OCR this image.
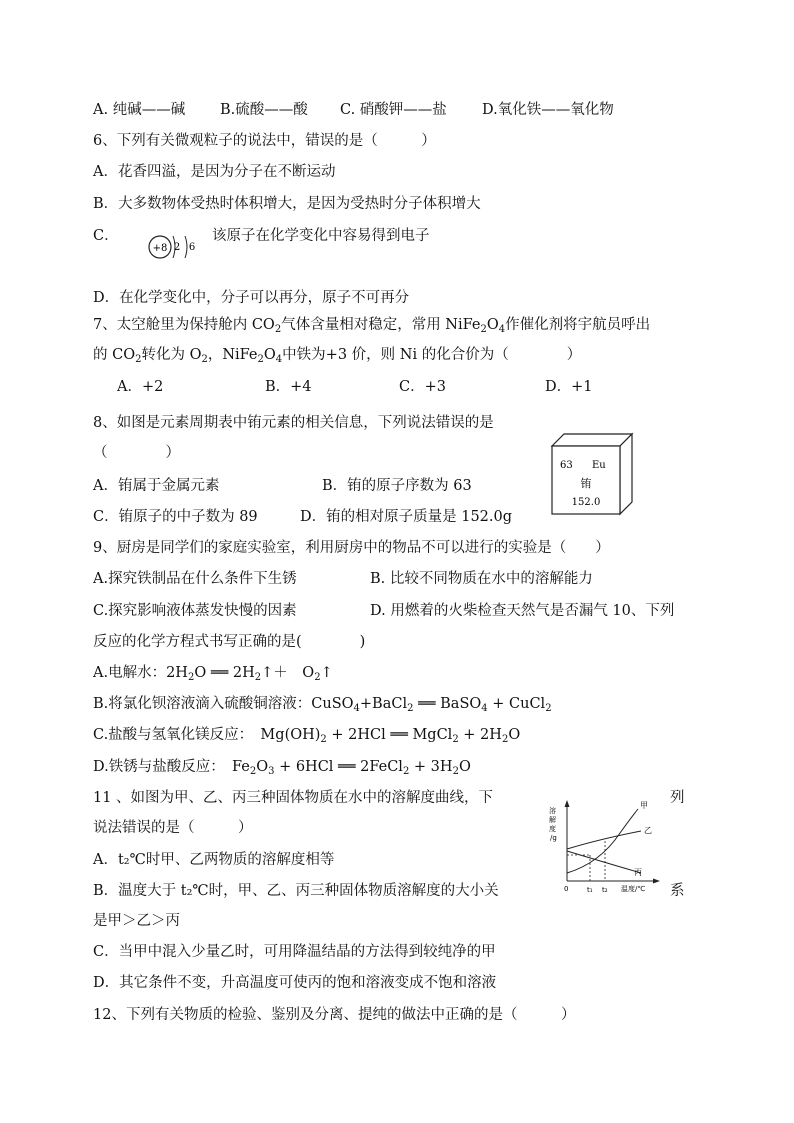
A. 纯碱——碱 B.硫酸——酸 C. 硝酸钾——盐 D.氧化铁——氧化物
6、下列有关微观粒子的说法中，错误的是（　　　）
A．花香四溢，是因为分子在不断运动
B．大多数物体受热时体积增大，是因为受热时分子体积增大
C．
+8 2 6
该原子在化学变化中容易得到电子
D．在化学变化中，分子可以再分，原子不可再分
7、太空舱里为保持舱内 $CO_2$气体含量相对稳定，常用 $NiFe_2O_4$作催化剂将宇航员呼出
的 $CO_2$转化为 $O_2$，$NiFe_2O_4$中铁为+3 价，则 Ni 的化合价为（　　　　）
A．+2	B．+4	C．+3	D．+1
8、如图是元素周期表中铕元素的相关信息，下列说法错误的是
（　　　　）
A．铕属于金属元素	B．铕的原子序数为 63
C．铕原子的中子数为 89	D．铕的相对原子质量是 152.0g
63 Eu
铕
152.0
9、厨房是同学们的家庭实验室，利用厨房中的物品不可以进行的实验是（　　）
A.探究铁制品在什么条件下生锈	B. 比较不同物质在水中的溶解能力
C.探究影响液体蒸发快慢的因素	D. 用燃着的火柴检查天然气是否漏气 10、下列
反应的化学方程式书写正确的是(　　　　)
A.电解水：$2H_2O$ ══ $2H_2↑+$　$O_2↑$
B.将氯化钡溶液滴入硫酸铜溶液：CuSO$_4$+BaCl$_2$ ══ BaSO$_4$ + CuCl$_2$
C.盐酸与氢氧化镁反应：　$Mg(OH)_2 + 2HCl$ ══ MgCl$_2$ + $2H_2O$
D.铁锈与盐酸反应：　$Fe_2O_3 + 6HCl$ ══ 2FeCl$_2$ + $3H_2O$
11 、如图为甲、乙、丙三种固体物质在水中的溶解度曲线，下	列
说法错误的是（　　　）
A．t₂℃时甲、乙两物质的溶解度相等
B．温度大于 t₂℃时，甲、乙、丙三种固体物质溶解度的大小关	系
是甲＞乙＞丙
C．当甲中混入少量乙时，可用降温结晶的方法得到较纯净的甲
D．其它条件不变，升高温度可使丙的饱和溶液变成不饱和溶液
溶
解
度
/g
0	t₁ t₂ 温度/℃
甲
乙
丙
12、下列有关物质的检验、鉴别及分离、提纯的做法中正确的是（　　　）
